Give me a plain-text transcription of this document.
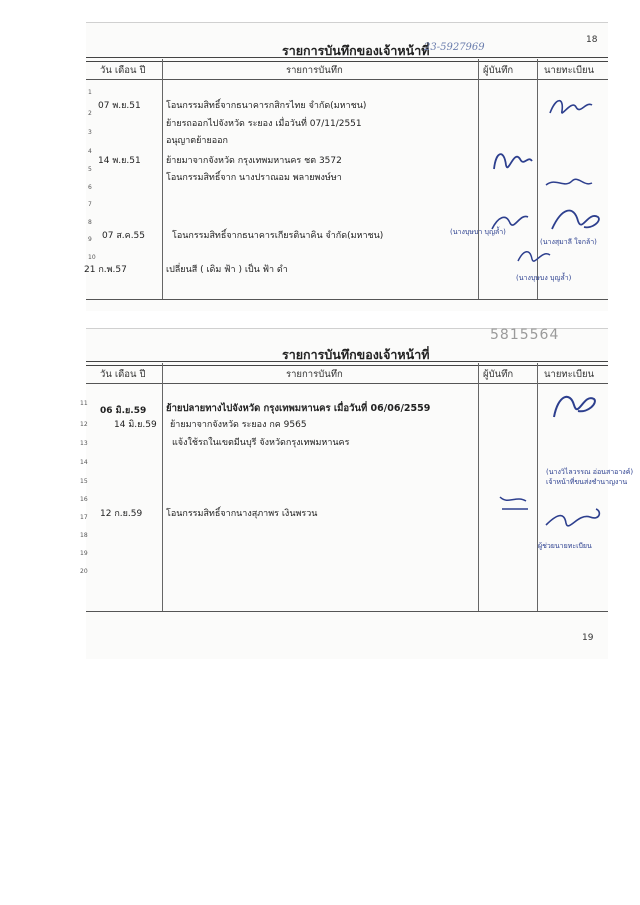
รายการบันทึกของเจ้าหน้าที่
23-5927969
18
วัน เดือน ปี	รายการบันทึก	ผู้บันทึก	นายทะเบียน
1
2
3
4
5
6
7
8
9
10
07 พ.ย.51	โอนกรรมสิทธิ์จากธนาคารกสิกรไทย จำกัด(มหาชน)
ย้ายรถออกไปจังหวัด ระยอง เมื่อวันที่ 07/11/2551
อนุญาตย้ายออก
14 พ.ย.51	ย้ายมาจากจังหวัด กรุงเทพมหานคร ชต 3572
โอนกรรมสิทธิ์จาก นางปราณอม พลายพงษ์ษา
07 ส.ค.55	โอนกรรมสิทธิ์จากธนาคารเกียรตินาคิน จำกัด(มหาชน)
21 ก.พ.57	เปลี่ยนสี ( เดิม ฟ้า ) เป็น ฟ้า ดำ
(นางบุษบา บุญล้ำ)
(นางสุมาลี ใจกล้า)
(นางบุษบง บุญล้ำ)
5815564
รายการบันทึกของเจ้าหน้าที่
วัน เดือน ปี	รายการบันทึก	ผู้บันทึก	นายทะเบียน
11
12
13
14
15
16
17
18
19
20
06 มิ.ย.59 ย้ายปลายทางไปจังหวัด กรุงเทพมหานคร เมื่อวันที่ 06/06/2559
14 มิ.ย.59 ย้ายมาจากจังหวัด ระยอง กค 9565
แจ้งใช้รถในเขตมีนบุรี จังหวัดกรุงเทพมหานคร
12 ก.ย.59	โอนกรรมสิทธิ์จากนางสุภาพร เงินพรวน
(นางวิไลวรรณ อ่อนสาอางค์)
เจ้าหน้าที่ขนส่งชำนาญงาน
ผู้ช่วยนายทะเบียน
19
